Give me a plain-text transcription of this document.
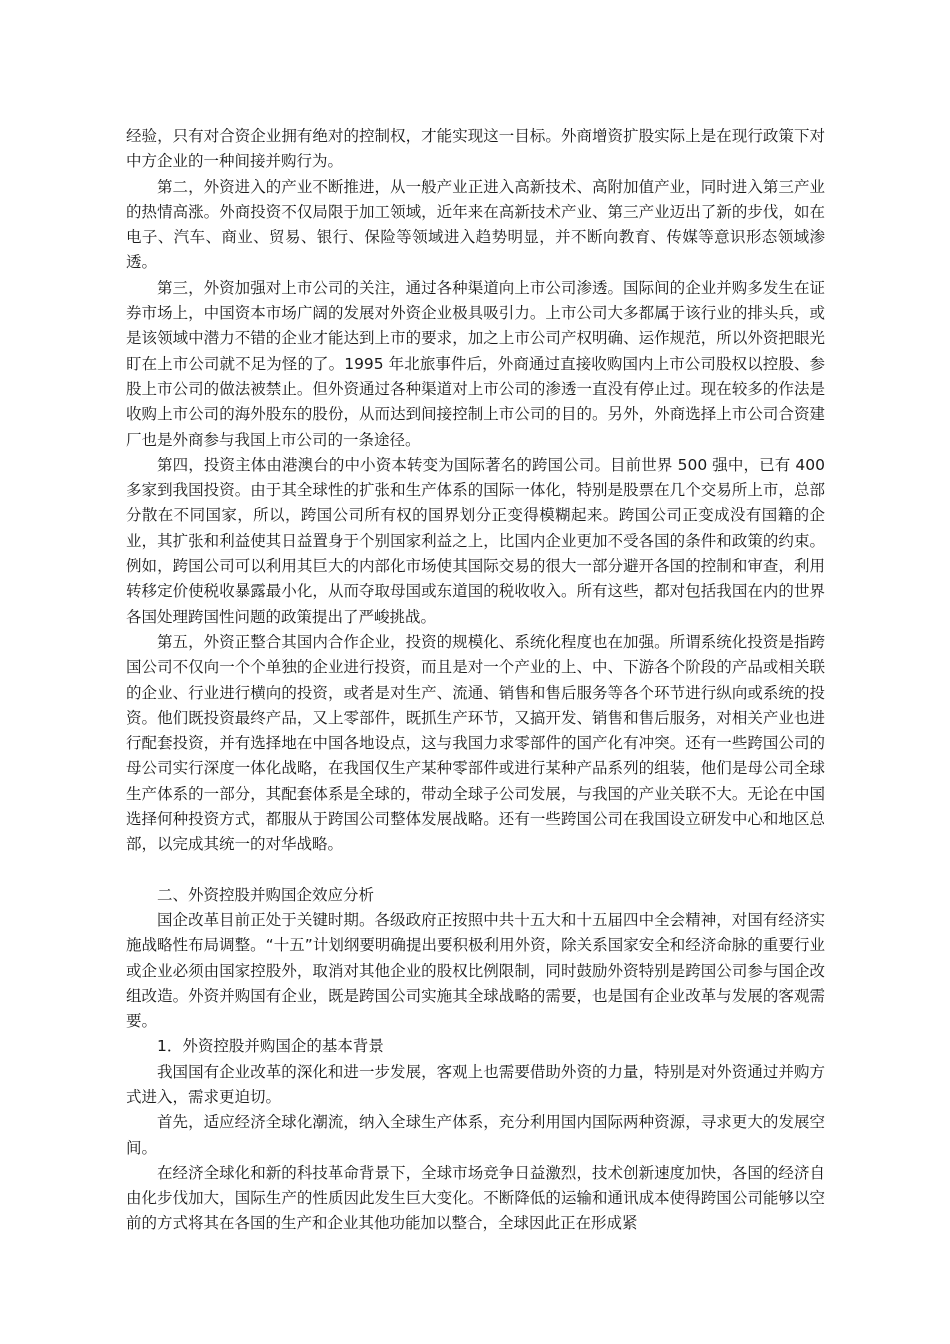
经验，只有对合资企业拥有绝对的控制权，才能实现这一目标。外商增资扩股实际上是在现行政策下对中方企业的一种间接并购行为。

第二，外资进入的产业不断推进，从一般产业正进入高新技术、高附加值产业，同时进入第三产业的热情高涨。外商投资不仅局限于加工领域，近年来在高新技术产业、第三产业迈出了新的步伐，如在电子、汽车、商业、贸易、银行、保险等领域进入趋势明显，并不断向教育、传媒等意识形态领域渗透。

第三，外资加强对上市公司的关注，通过各种渠道向上市公司渗透。国际间的企业并购多发生在证券市场上，中国资本市场广阔的发展对外资企业极具吸引力。上市公司大多都属于该行业的排头兵，或是该领域中潜力不错的企业才能达到上市的要求，加之上市公司产权明确、运作规范，所以外资把眼光盯在上市公司就不足为怪的了。1995 年北旅事件后，外商通过直接收购国内上市公司股权以控股、参股上市公司的做法被禁止。但外资通过各种渠道对上市公司的渗透一直没有停止过。现在较多的作法是收购上市公司的海外股东的股份，从而达到间接控制上市公司的目的。另外，外商选择上市公司合资建厂也是外商参与我国上市公司的一条途径。

第四，投资主体由港澳台的中小资本转变为国际著名的跨国公司。目前世界 500 强中，已有 400 多家到我国投资。由于其全球性的扩张和生产体系的国际一体化，特别是股票在几个交易所上市，总部分散在不同国家，所以，跨国公司所有权的国界划分正变得模糊起来。跨国公司正变成没有国籍的企业，其扩张和利益使其日益置身于个别国家利益之上，比国内企业更加不受各国的条件和政策的约束。例如，跨国公司可以利用其巨大的内部化市场使其国际交易的很大一部分避开各国的控制和审查，利用转移定价使税收暴露最小化，从而夺取母国或东道国的税收收入。所有这些，都对包括我国在内的世界各国处理跨国性问题的政策提出了严峻挑战。

第五，外资正整合其国内合作企业，投资的规模化、系统化程度也在加强。所谓系统化投资是指跨国公司不仅向一个个单独的企业进行投资，而且是对一个产业的上、中、下游各个阶段的产品或相关联的企业、行业进行横向的投资，或者是对生产、流通、销售和售后服务等各个环节进行纵向或系统的投资。他们既投资最终产品，又上零部件，既抓生产环节，又搞开发、销售和售后服务，对相关产业也进行配套投资，并有选择地在中国各地设点，这与我国力求零部件的国产化有冲突。还有一些跨国公司的母公司实行深度一体化战略，在我国仅生产某种零部件或进行某种产品系列的组装，他们是母公司全球生产体系的一部分，其配套体系是全球的，带动全球子公司发展，与我国的产业关联不大。无论在中国选择何种投资方式，都服从于跨国公司整体发展战略。还有一些跨国公司在我国设立研发中心和地区总部，以完成其统一的对华战略。

二、外资控股并购国企效应分析

国企改革目前正处于关键时期。各级政府正按照中共十五大和十五届四中全会精神，对国有经济实施战略性布局调整。“十五”计划纲要明确提出要积极利用外资，除关系国家安全和经济命脉的重要行业或企业必须由国家控股外，取消对其他企业的股权比例限制，同时鼓励外资特别是跨国公司参与国企改组改造。外资并购国有企业，既是跨国公司实施其全球战略的需要，也是国有企业改革与发展的客观需要。

1．外资控股并购国企的基本背景

我国国有企业改革的深化和进一步发展，客观上也需要借助外资的力量，特别是对外资通过并购方式进入，需求更迫切。

首先，适应经济全球化潮流，纳入全球生产体系，充分利用国内国际两种资源，寻求更大的发展空间。

在经济全球化和新的科技革命背景下，全球市场竞争日益激烈，技术创新速度加快，各国的经济自由化步伐加大，国际生产的性质因此发生巨大变化。不断降低的运输和通讯成本使得跨国公司能够以空前的方式将其在各国的生产和企业其他功能加以整合，全球因此正在形成紧
